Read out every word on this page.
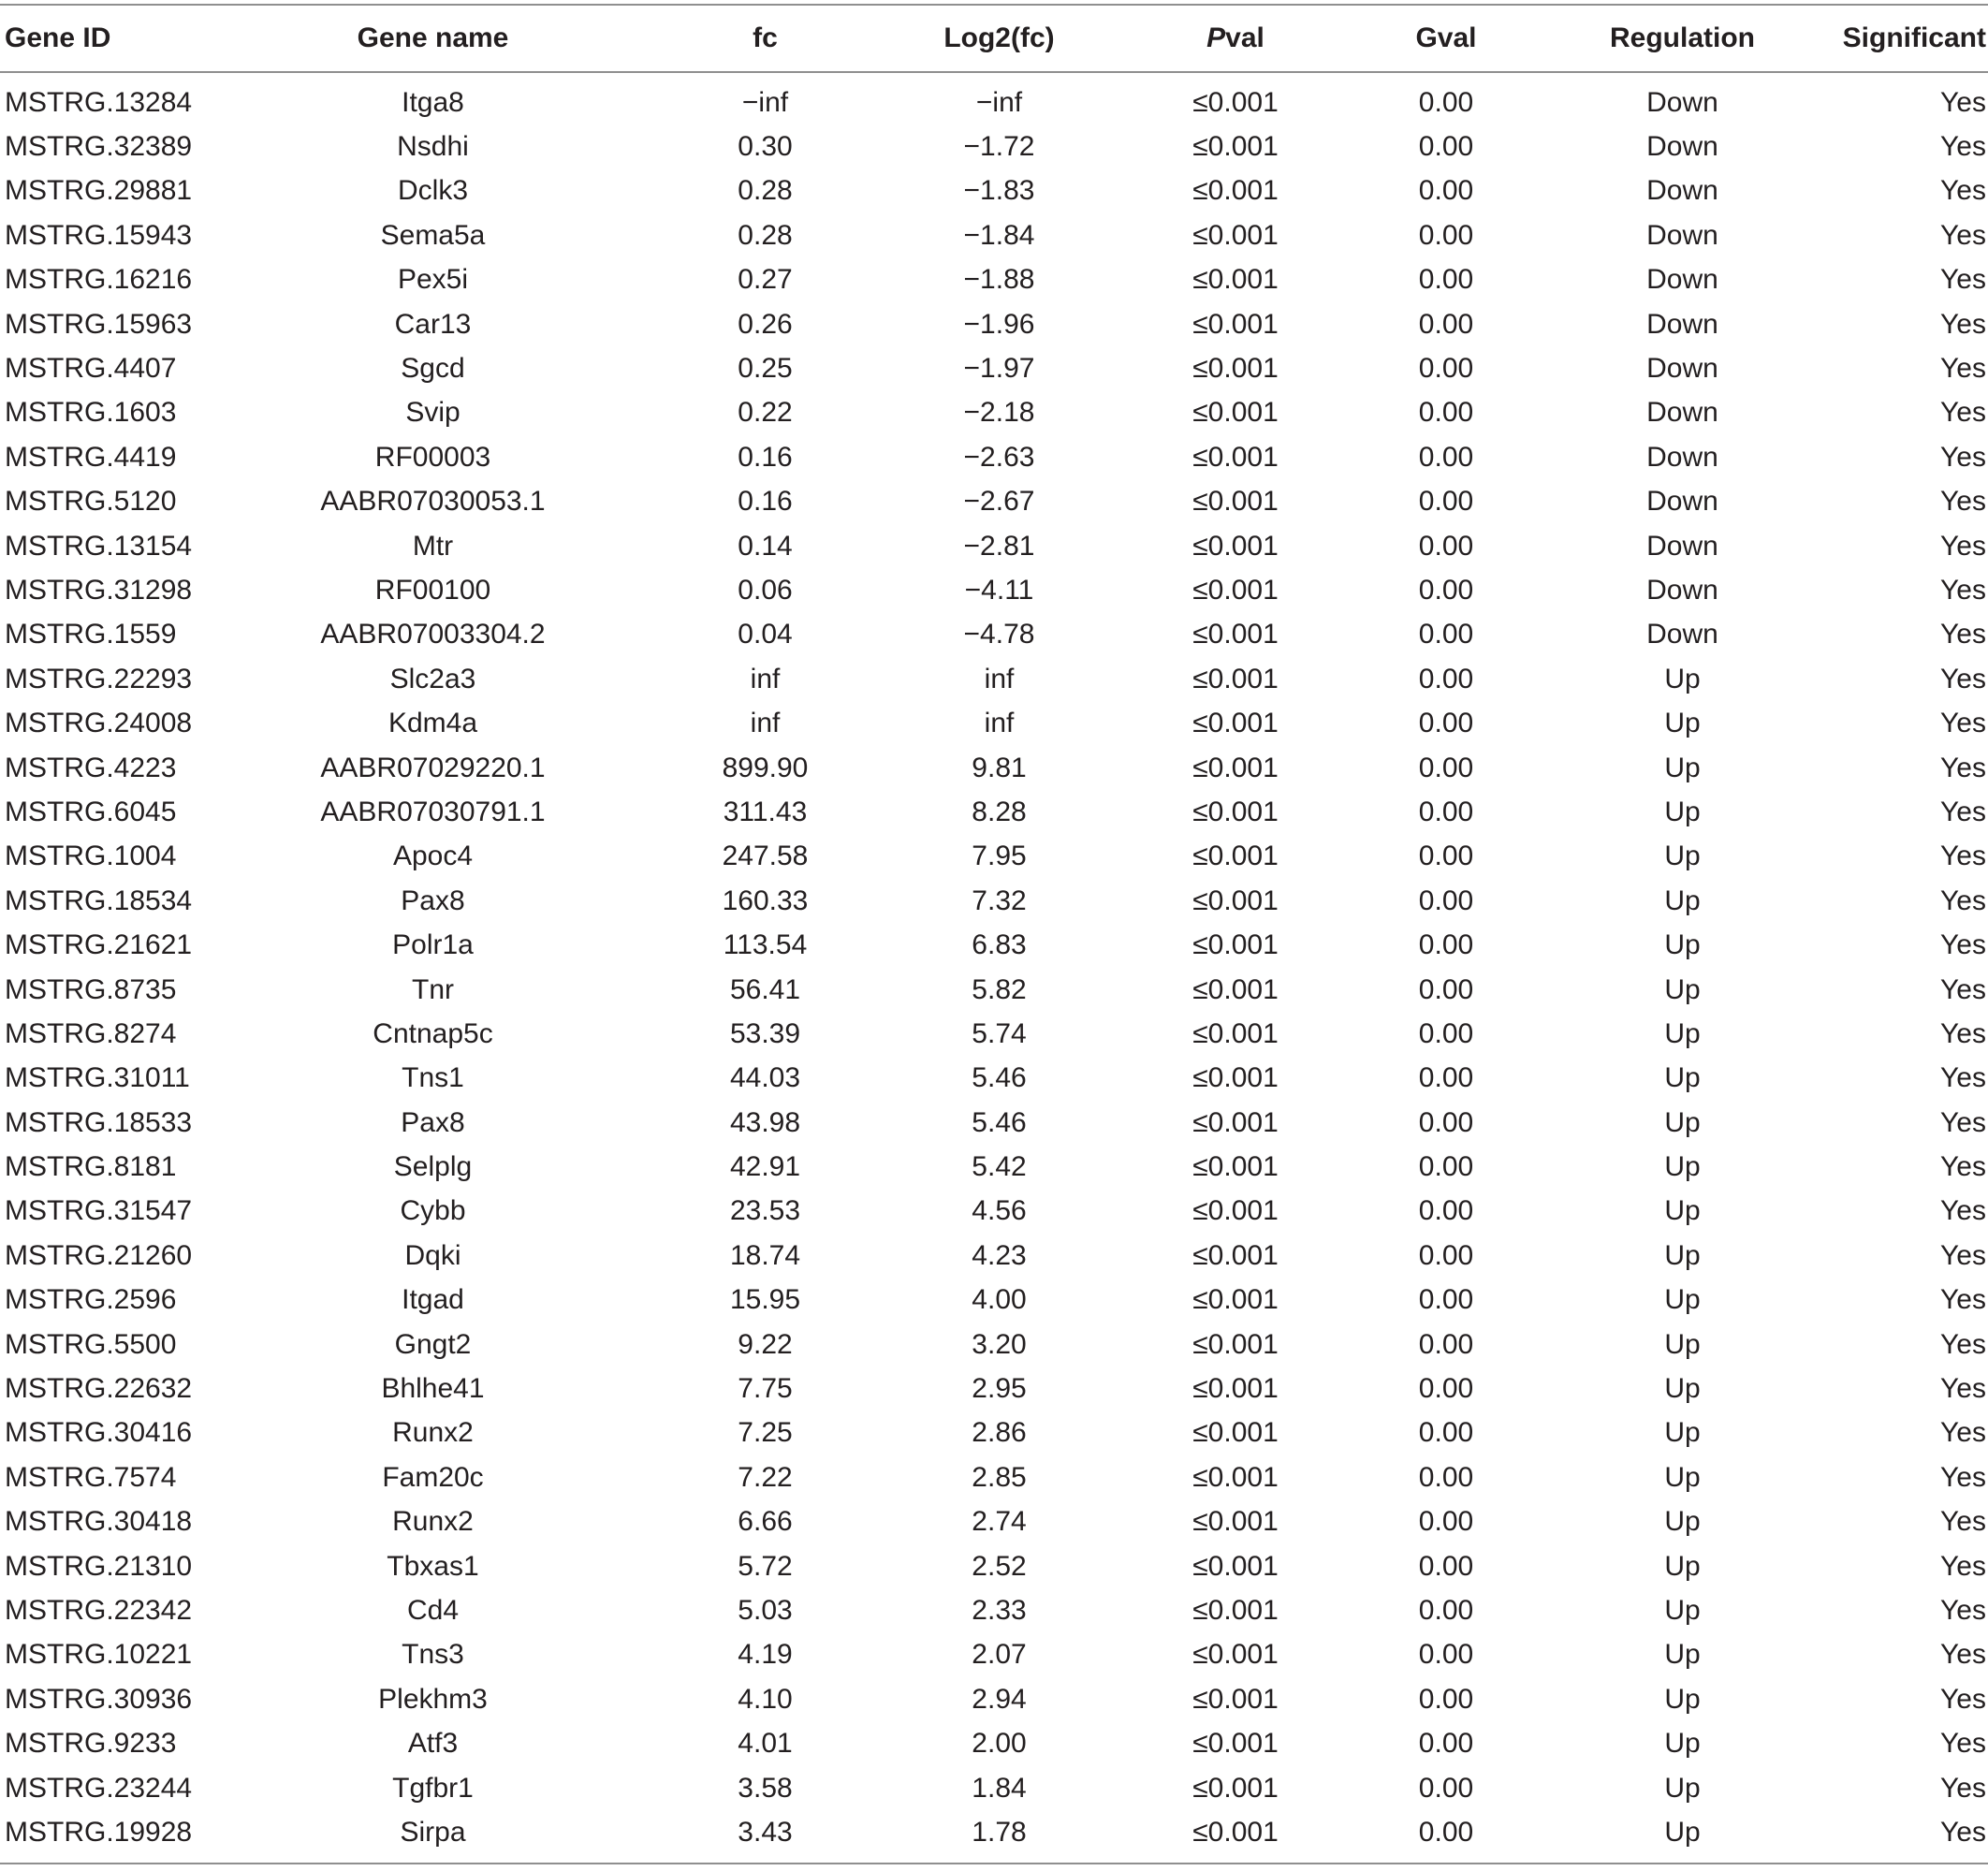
Gene ID	Gene name	fc	Log2(fc)	Pval	Gval	Regulation	Significant
MSTRG.13284	Itga8	−inf	−inf	≤0.001	0.00	Down	Yes
MSTRG.32389	Nsdhi	0.30	−1.72	≤0.001	0.00	Down	Yes
MSTRG.29881	Dclk3	0.28	−1.83	≤0.001	0.00	Down	Yes
MSTRG.15943	Sema5a	0.28	−1.84	≤0.001	0.00	Down	Yes
MSTRG.16216	Pex5i	0.27	−1.88	≤0.001	0.00	Down	Yes
MSTRG.15963	Car13	0.26	−1.96	≤0.001	0.00	Down	Yes
MSTRG.4407	Sgcd	0.25	−1.97	≤0.001	0.00	Down	Yes
MSTRG.1603	Svip	0.22	−2.18	≤0.001	0.00	Down	Yes
MSTRG.4419	RF00003	0.16	−2.63	≤0.001	0.00	Down	Yes
MSTRG.5120	AABR07030053.1	0.16	−2.67	≤0.001	0.00	Down	Yes
MSTRG.13154	Mtr	0.14	−2.81	≤0.001	0.00	Down	Yes
MSTRG.31298	RF00100	0.06	−4.11	≤0.001	0.00	Down	Yes
MSTRG.1559	AABR07003304.2	0.04	−4.78	≤0.001	0.00	Down	Yes
MSTRG.22293	Slc2a3	inf	inf	≤0.001	0.00	Up	Yes
MSTRG.24008	Kdm4a	inf	inf	≤0.001	0.00	Up	Yes
MSTRG.4223	AABR07029220.1	899.90	9.81	≤0.001	0.00	Up	Yes
MSTRG.6045	AABR07030791.1	311.43	8.28	≤0.001	0.00	Up	Yes
MSTRG.1004	Apoc4	247.58	7.95	≤0.001	0.00	Up	Yes
MSTRG.18534	Pax8	160.33	7.32	≤0.001	0.00	Up	Yes
MSTRG.21621	Polr1a	113.54	6.83	≤0.001	0.00	Up	Yes
MSTRG.8735	Tnr	56.41	5.82	≤0.001	0.00	Up	Yes
MSTRG.8274	Cntnap5c	53.39	5.74	≤0.001	0.00	Up	Yes
MSTRG.31011	Tns1	44.03	5.46	≤0.001	0.00	Up	Yes
MSTRG.18533	Pax8	43.98	5.46	≤0.001	0.00	Up	Yes
MSTRG.8181	Selplg	42.91	5.42	≤0.001	0.00	Up	Yes
MSTRG.31547	Cybb	23.53	4.56	≤0.001	0.00	Up	Yes
MSTRG.21260	Dqki	18.74	4.23	≤0.001	0.00	Up	Yes
MSTRG.2596	Itgad	15.95	4.00	≤0.001	0.00	Up	Yes
MSTRG.5500	Gngt2	9.22	3.20	≤0.001	0.00	Up	Yes
MSTRG.22632	Bhlhe41	7.75	2.95	≤0.001	0.00	Up	Yes
MSTRG.30416	Runx2	7.25	2.86	≤0.001	0.00	Up	Yes
MSTRG.7574	Fam20c	7.22	2.85	≤0.001	0.00	Up	Yes
MSTRG.30418	Runx2	6.66	2.74	≤0.001	0.00	Up	Yes
MSTRG.21310	Tbxas1	5.72	2.52	≤0.001	0.00	Up	Yes
MSTRG.22342	Cd4	5.03	2.33	≤0.001	0.00	Up	Yes
MSTRG.10221	Tns3	4.19	2.07	≤0.001	0.00	Up	Yes
MSTRG.30936	Plekhm3	4.10	2.94	≤0.001	0.00	Up	Yes
MSTRG.9233	Atf3	4.01	2.00	≤0.001	0.00	Up	Yes
MSTRG.23244	Tgfbr1	3.58	1.84	≤0.001	0.00	Up	Yes
MSTRG.19928	Sirpa	3.43	1.78	≤0.001	0.00	Up	Yes
